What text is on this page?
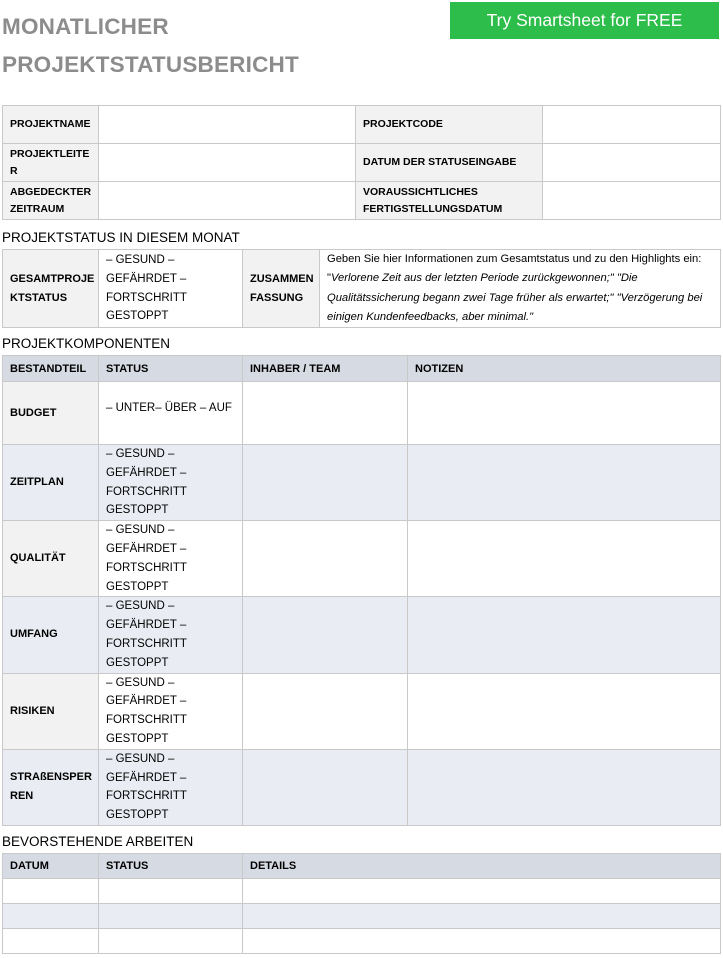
MONATLICHER
PROJEKTSTATUSBERICHT
Try Smartsheet for FREE
PROJEKTNAME		PROJEKTCODE	
PROJEKTLEITER		DATUM DER STATUSEINGABE	
ABGEDECKTER ZEITRAUM		VORAUSSICHTLICHES FERTIGSTELLUNGSDATUM	
PROJEKTSTATUS IN DIESEM MONAT
GESAMTPROJEKTSTATUS	– GESUND – GEFÄHRDET – FORTSCHRITT GESTOPPT	ZUSAMMENFASSUNG	Geben Sie hier Informationen zum Gesamtstatus und zu den Highlights ein: "Verlorene Zeit aus der letzten Periode zurückgewonnen;" "Die Qualitätssicherung begann zwei Tage früher als erwartet;" "Verzögerung bei einigen Kundenfeedbacks, aber minimal."
PROJEKTKOMPONENTEN
BESTANDTEIL	STATUS	INHABER / TEAM	NOTIZEN
BUDGET	– UNTER– ÜBER – AUF		
ZEITPLAN	– GESUND – GEFÄHRDET – FORTSCHRITT GESTOPPT		
QUALITÄT	– GESUND – GEFÄHRDET – FORTSCHRITT GESTOPPT		
UMFANG	– GESUND – GEFÄHRDET – FORTSCHRITT GESTOPPT		
RISIKEN	– GESUND – GEFÄHRDET – FORTSCHRITT GESTOPPT		
STRAßENSPERREN	– GESUND – GEFÄHRDET – FORTSCHRITT GESTOPPT		
BEVORSTEHENDE ARBEITEN
DATUM	STATUS	DETAILS
